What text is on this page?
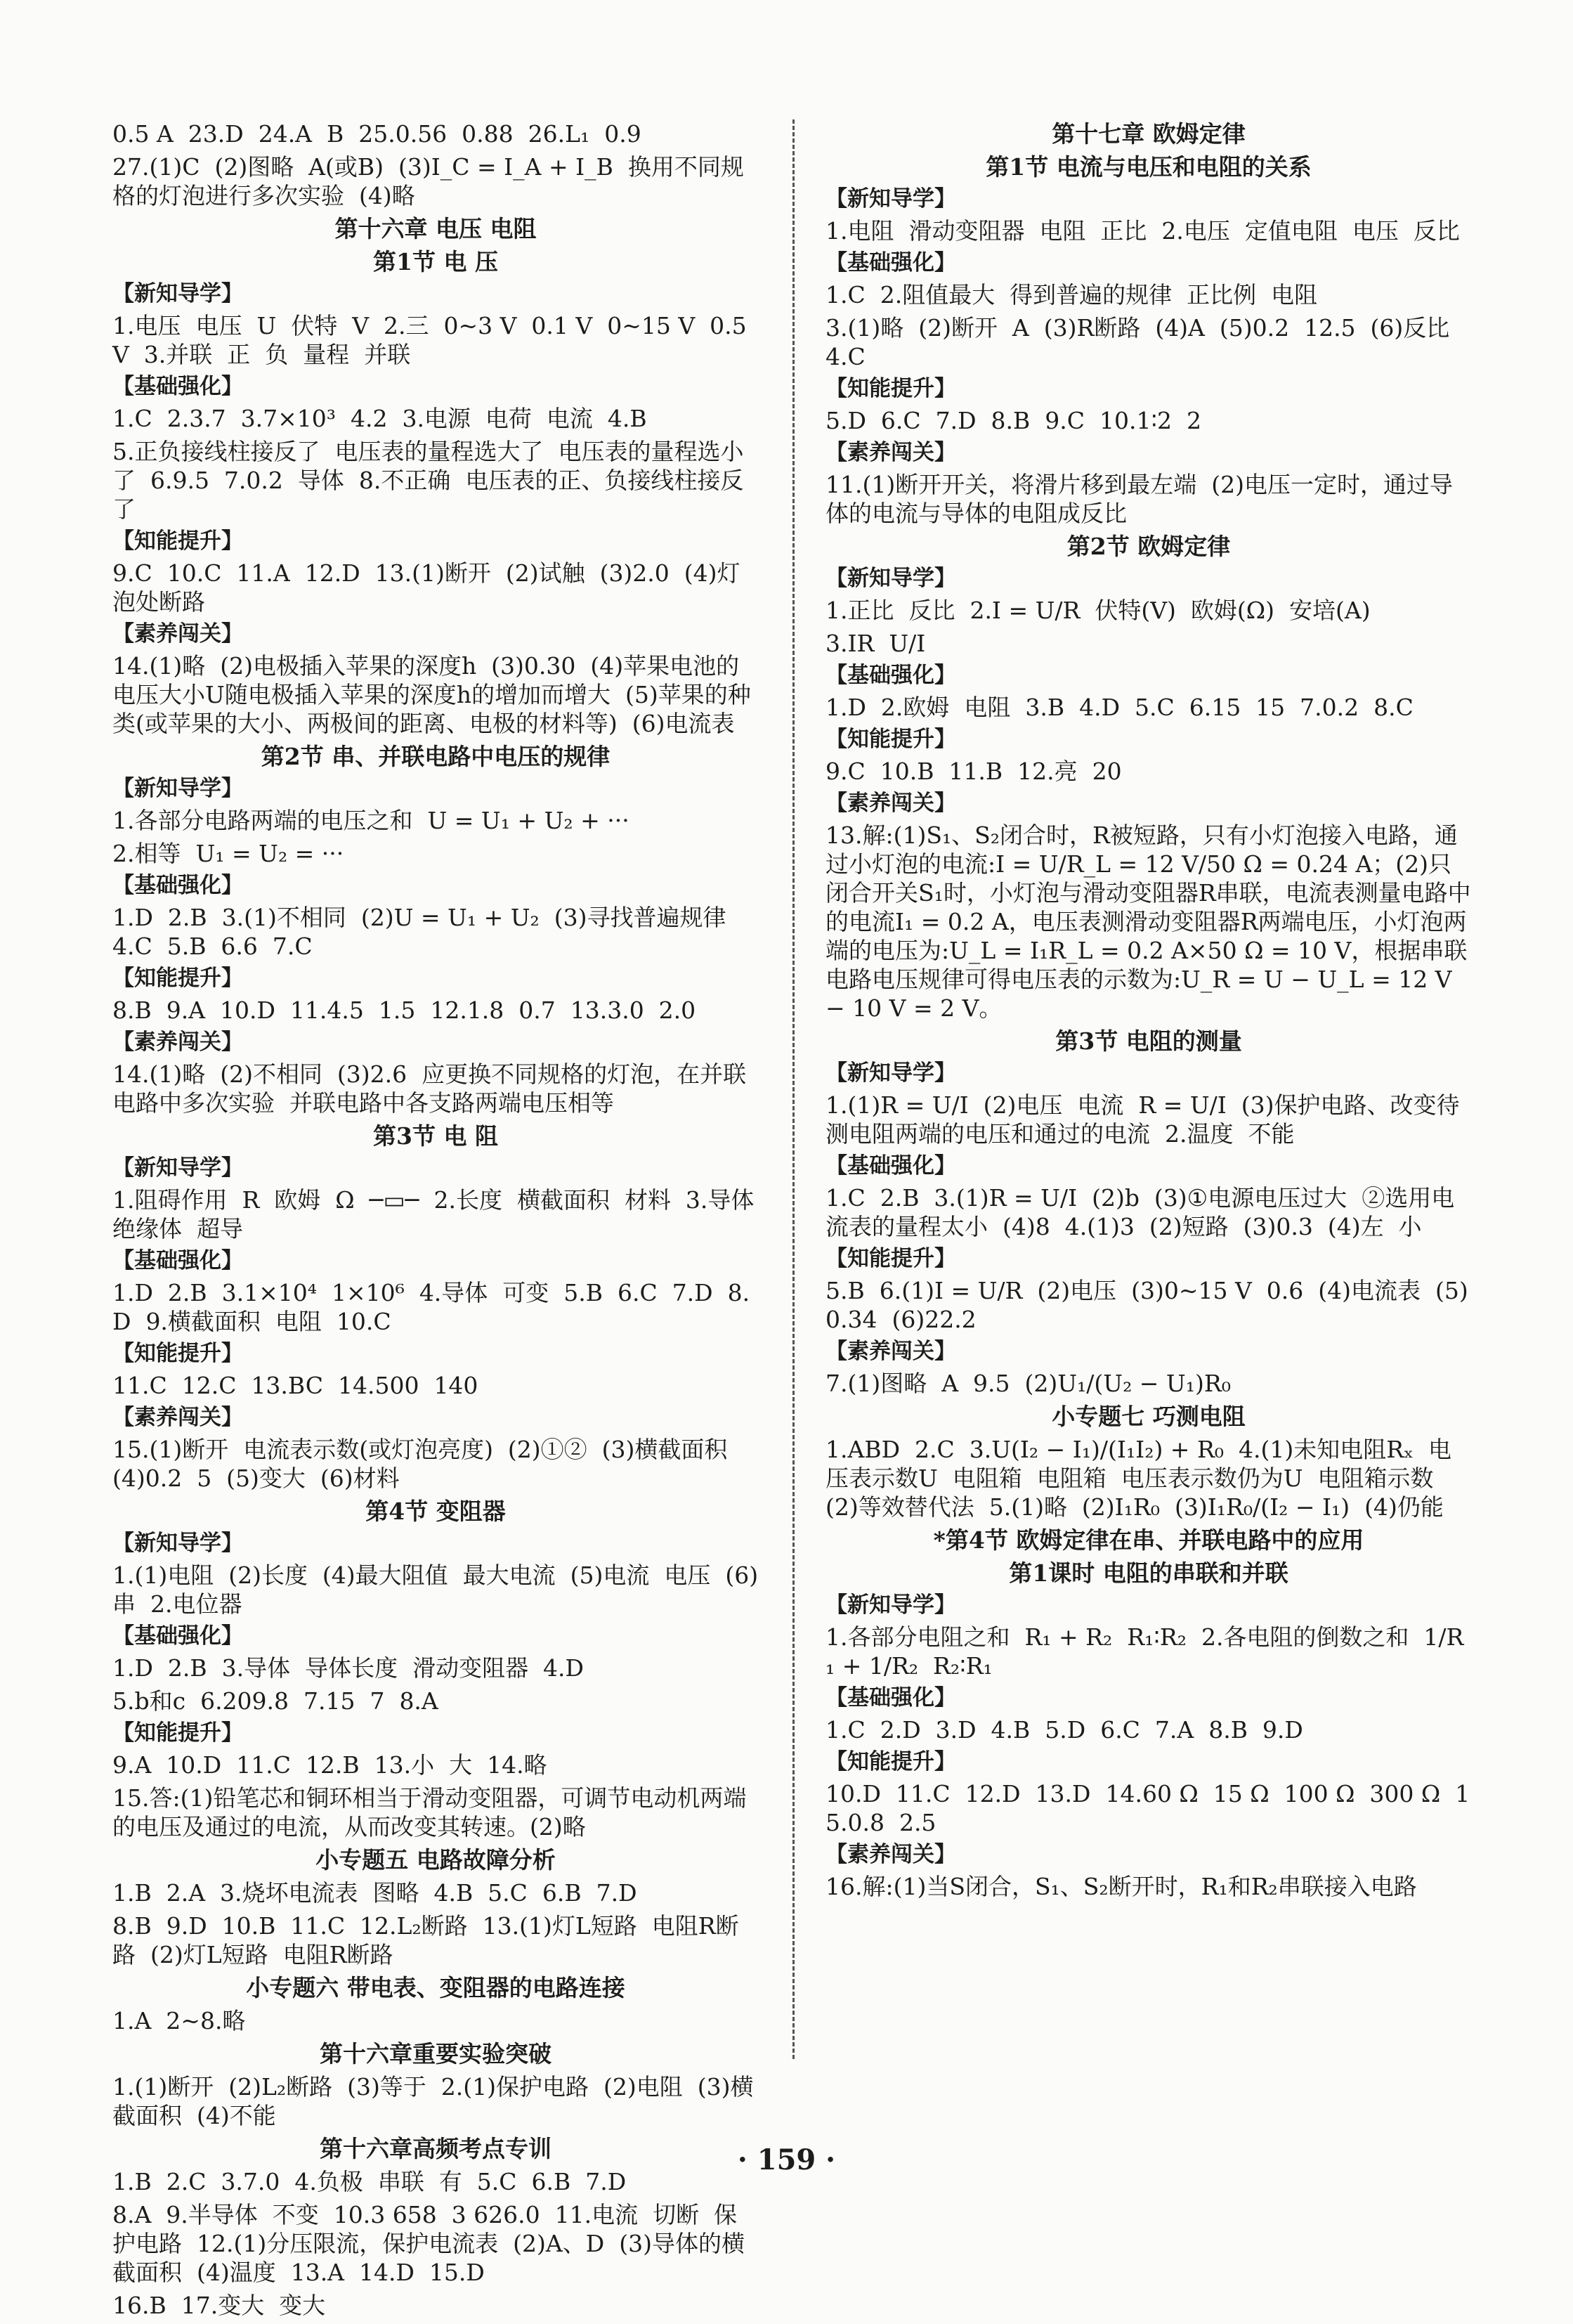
0.5 A  23.D  24.A  B  25.0.56  0.88  26.L₁  0.9
27.(1)C  (2)图略  A(或B)  (3)I_C = I_A + I_B  换用不同规格的灯泡进行多次实验  (4)略
第十六章 电压 电阻
第1节 电 压
【新知导学】
1.电压  电压  U  伏特  V  2.三  0~3 V  0.1 V  0~15 V  0.5 V  3.并联  正  负  量程  并联
【基础强化】
1.C  2.3.7  3.7×10³  4.2  3.电源  电荷  电流  4.B
5.正负接线柱接反了  电压表的量程选大了  电压表的量程选小了  6.9.5  7.0.2  导体  8.不正确  电压表的正、负接线柱接反了
【知能提升】
9.C  10.C  11.A  12.D  13.(1)断开  (2)试触  (3)2.0  (4)灯泡处断路
【素养闯关】
14.(1)略  (2)电极插入苹果的深度h  (3)0.30  (4)苹果电池的电压大小U随电极插入苹果的深度h的增加而增大  (5)苹果的种类(或苹果的大小、两极间的距离、电极的材料等)  (6)电流表
第2节 串、并联电路中电压的规律
【新知导学】
1.各部分电路两端的电压之和  U = U₁ + U₂ + ···
2.相等  U₁ = U₂ = ···
【基础强化】
1.D  2.B  3.(1)不相同  (2)U = U₁ + U₂  (3)寻找普遍规律  4.C  5.B  6.6  7.C
【知能提升】
8.B  9.A  10.D  11.4.5  1.5  12.1.8  0.7  13.3.0  2.0
【素养闯关】
14.(1)略  (2)不相同  (3)2.6  应更换不同规格的灯泡，在并联电路中多次实验  并联电路中各支路两端电压相等
第3节 电 阻
【新知导学】
1.阻碍作用  R  欧姆  Ω  ─▭─  2.长度  横截面积  材料  3.导体  绝缘体  超导
【基础强化】
1.D  2.B  3.1×10⁴  1×10⁶  4.导体  可变  5.B  6.C  7.D  8.D  9.横截面积  电阻  10.C
【知能提升】
11.C  12.C  13.BC  14.500  140
【素养闯关】
15.(1)断开  电流表示数(或灯泡亮度)  (2)①②  (3)横截面积  (4)0.2  5  (5)变大  (6)材料
第4节 变阻器
【新知导学】
1.(1)电阻  (2)长度  (4)最大阻值  最大电流  (5)电流  电压  (6)串  2.电位器
【基础强化】
1.D  2.B  3.导体  导体长度  滑动变阻器  4.D
5.b和c  6.209.8  7.15  7  8.A
【知能提升】
9.A  10.D  11.C  12.B  13.小  大  14.略
15.答:(1)铅笔芯和铜环相当于滑动变阻器，可调节电动机两端的电压及通过的电流，从而改变其转速。(2)略
小专题五 电路故障分析
1.B  2.A  3.烧坏电流表  图略  4.B  5.C  6.B  7.D
8.B  9.D  10.B  11.C  12.L₂断路  13.(1)灯L短路  电阻R断路  (2)灯L短路  电阻R断路
小专题六 带电表、变阻器的电路连接
1.A  2~8.略
第十六章重要实验突破
1.(1)断开  (2)L₂断路  (3)等于  2.(1)保护电路  (2)电阻  (3)横截面积  (4)不能
第十六章高频考点专训
1.B  2.C  3.7.0  4.负极  串联  有  5.C  6.B  7.D
8.A  9.半导体  不变  10.3 658  3 626.0  11.电流  切断  保护电路  12.(1)分压限流，保护电流表  (2)A、D  (3)导体的横截面积  (4)温度  13.A  14.D  15.D
16.B  17.变大  变大
第十七章 欧姆定律
第1节 电流与电压和电阻的关系
【新知导学】
1.电阻  滑动变阻器  电阻  正比  2.电压  定值电阻  电压  反比
【基础强化】
1.C  2.阻值最大  得到普遍的规律  正比例  电阻
3.(1)略  (2)断开  A  (3)R断路  (4)A  (5)0.2  12.5  (6)反比  4.C
【知能提升】
5.D  6.C  7.D  8.B  9.C  10.1∶2  2
【素养闯关】
11.(1)断开开关，将滑片移到最左端  (2)电压一定时，通过导体的电流与导体的电阻成反比
第2节 欧姆定律
【新知导学】
1.正比  反比  2.I = U/R  伏特(V)  欧姆(Ω)  安培(A)
3.IR  U/I
【基础强化】
1.D  2.欧姆  电阻  3.B  4.D  5.C  6.15  15  7.0.2  8.C
【知能提升】
9.C  10.B  11.B  12.亮  20
【素养闯关】
13.解:(1)S₁、S₂闭合时，R被短路，只有小灯泡接入电路，通过小灯泡的电流:I = U/R_L = 12 V/50 Ω = 0.24 A；(2)只闭合开关S₁时，小灯泡与滑动变阻器R串联，电流表测量电路中的电流I₁ = 0.2 A，电压表测滑动变阻器R两端电压，小灯泡两端的电压为:U_L = I₁R_L = 0.2 A×50 Ω = 10 V，根据串联电路电压规律可得电压表的示数为:U_R = U − U_L = 12 V − 10 V = 2 V。
第3节 电阻的测量
【新知导学】
1.(1)R = U/I  (2)电压  电流  R = U/I  (3)保护电路、改变待测电阻两端的电压和通过的电流  2.温度  不能
【基础强化】
1.C  2.B  3.(1)R = U/I  (2)b  (3)①电源电压过大  ②选用电流表的量程太小  (4)8  4.(1)3  (2)短路  (3)0.3  (4)左  小
【知能提升】
5.B  6.(1)I = U/R  (2)电压  (3)0~15 V  0.6  (4)电流表  (5)0.34  (6)22.2
【素养闯关】
7.(1)图略  A  9.5  (2)U₁/(U₂ − U₁)R₀
小专题七 巧测电阻
1.ABD  2.C  3.U(I₂ − I₁)/(I₁I₂) + R₀  4.(1)未知电阻Rₓ  电压表示数U  电阻箱  电阻箱  电压表示数仍为U  电阻箱示数  (2)等效替代法  5.(1)略  (2)I₁R₀  (3)I₁R₀/(I₂ − I₁)  (4)仍能
*第4节 欧姆定律在串、并联电路中的应用
第1课时 电阻的串联和并联
【新知导学】
1.各部分电阻之和  R₁ + R₂  R₁∶R₂  2.各电阻的倒数之和  1/R₁ + 1/R₂  R₂∶R₁
【基础强化】
1.C  2.D  3.D  4.B  5.D  6.C  7.A  8.B  9.D
【知能提升】
10.D  11.C  12.D  13.D  14.60 Ω  15 Ω  100 Ω  300 Ω  15.0.8  2.5
【素养闯关】
16.解:(1)当S闭合，S₁、S₂断开时，R₁和R₂串联接入电路
· 159 ·
